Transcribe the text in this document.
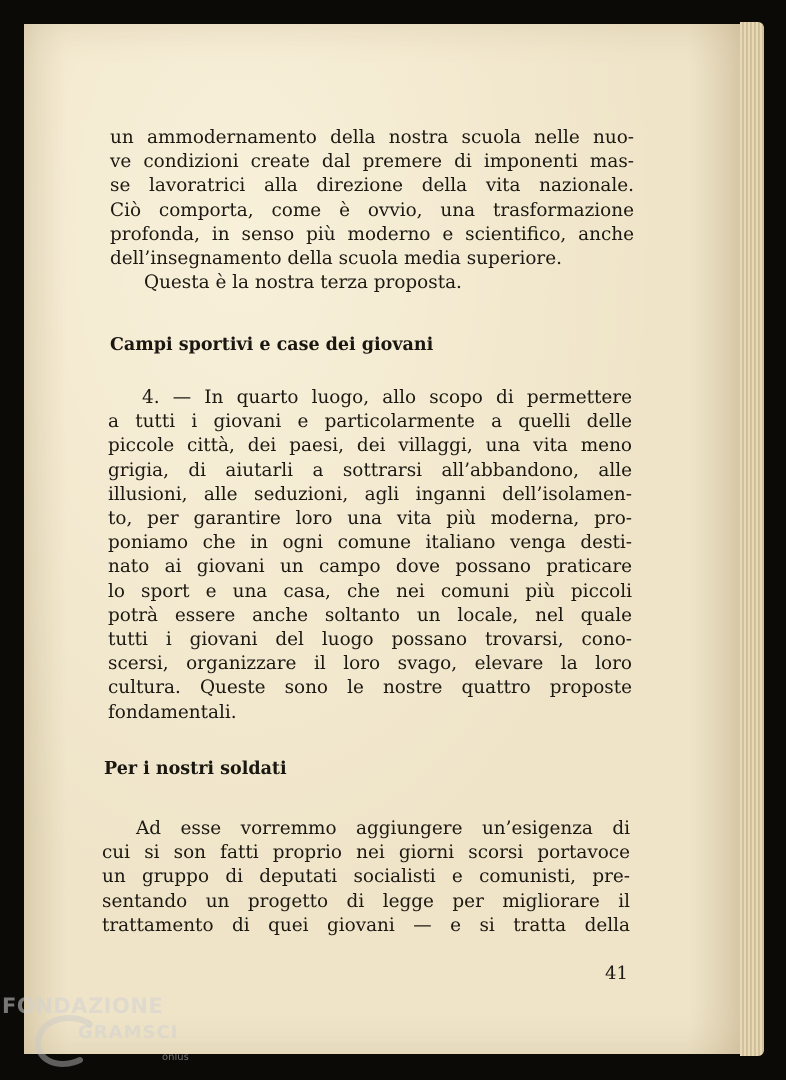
un ammodernamento della nostra scuola nelle nuo-

ve condizioni create dal premere di imponenti mas-

se lavoratrici alla direzione della vita nazionale.

Ciò comporta, come è ovvio, una trasformazione

profonda, in senso più moderno e scientifico, anche

dell’insegnamento della scuola media superiore.

Questa è la nostra terza proposta.

Campi sportivi e case dei giovani

4. — In quarto luogo, allo scopo di permettere

a tutti i giovani e particolarmente a quelli delle

piccole città, dei paesi, dei villaggi, una vita meno

grigia, di aiutarli a sottrarsi all’abbandono, alle

illusioni, alle seduzioni, agli inganni dell’isolamen-

to, per garantire loro una vita più moderna, pro-

poniamo che in ogni comune italiano venga desti-

nato ai giovani un campo dove possano praticare

lo sport e una casa, che nei comuni più piccoli

potrà essere anche soltanto un locale, nel quale

tutti i giovani del luogo possano trovarsi, cono-

scersi, organizzare il loro svago, elevare la loro

cultura. Queste sono le nostre quattro proposte

fondamentali.

Per i nostri soldati

Ad esse vorremmo aggiungere un’esigenza di

cui si son fatti proprio nei giorni scorsi portavoce

un gruppo di deputati socialisti e comunisti, pre-

sentando un progetto di legge per migliorare il

trattamento di quei giovani — e si tratta della

41
FONDAZIONE
GRAMSCI
onlus
